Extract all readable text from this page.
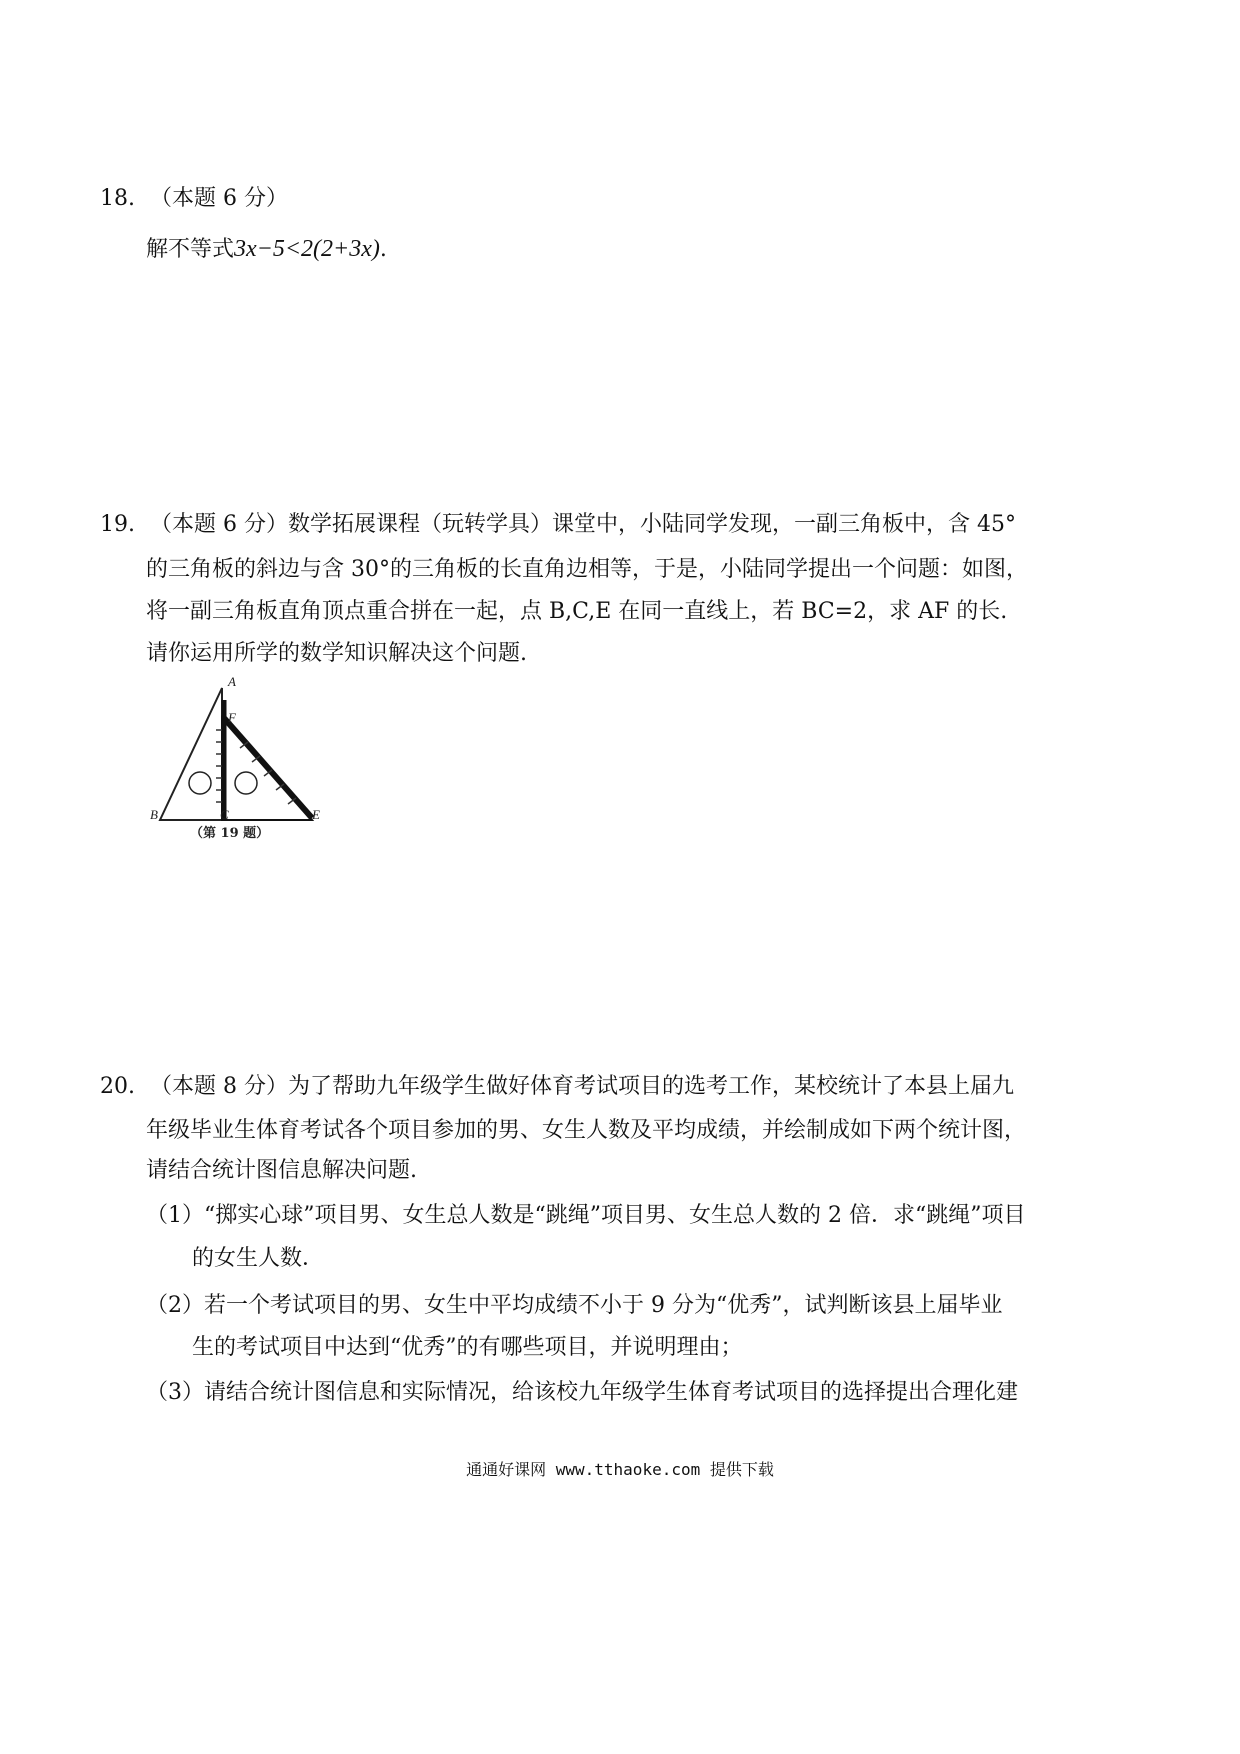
18. （本题 6 分）
解不等式3x−5<2(2+3x).
19. （本题 6 分）数学拓展课程（玩转学具）课堂中，小陆同学发现，一副三角板中，含 45°
的三角板的斜边与含 30°的三角板的长直角边相等，于是，小陆同学提出一个问题：如图，
将一副三角板直角顶点重合拼在一起，点 B,C,E 在同一直线上，若 BC=2，求 AF 的长.
请你运用所学的数学知识解决这个问题.
A
F
B	C	E
（第 19 题）
20. （本题 8 分）为了帮助九年级学生做好体育考试项目的选考工作，某校统计了本县上届九
年级毕业生体育考试各个项目参加的男、女生人数及平均成绩，并绘制成如下两个统计图，
请结合统计图信息解决问题.
（1）“掷实心球”项目男、女生总人数是“跳绳”项目男、女生总人数的 2 倍．求“跳绳”项目
的女生人数．
（2）若一个考试项目的男、女生中平均成绩不小于 9 分为“优秀”，试判断该县上届毕业
生的考试项目中达到“优秀”的有哪些项目，并说明理由；
（3）请结合统计图信息和实际情况，给该校九年级学生体育考试项目的选择提出合理化建
通通好课网 www.tthaoke.com 提供下载
